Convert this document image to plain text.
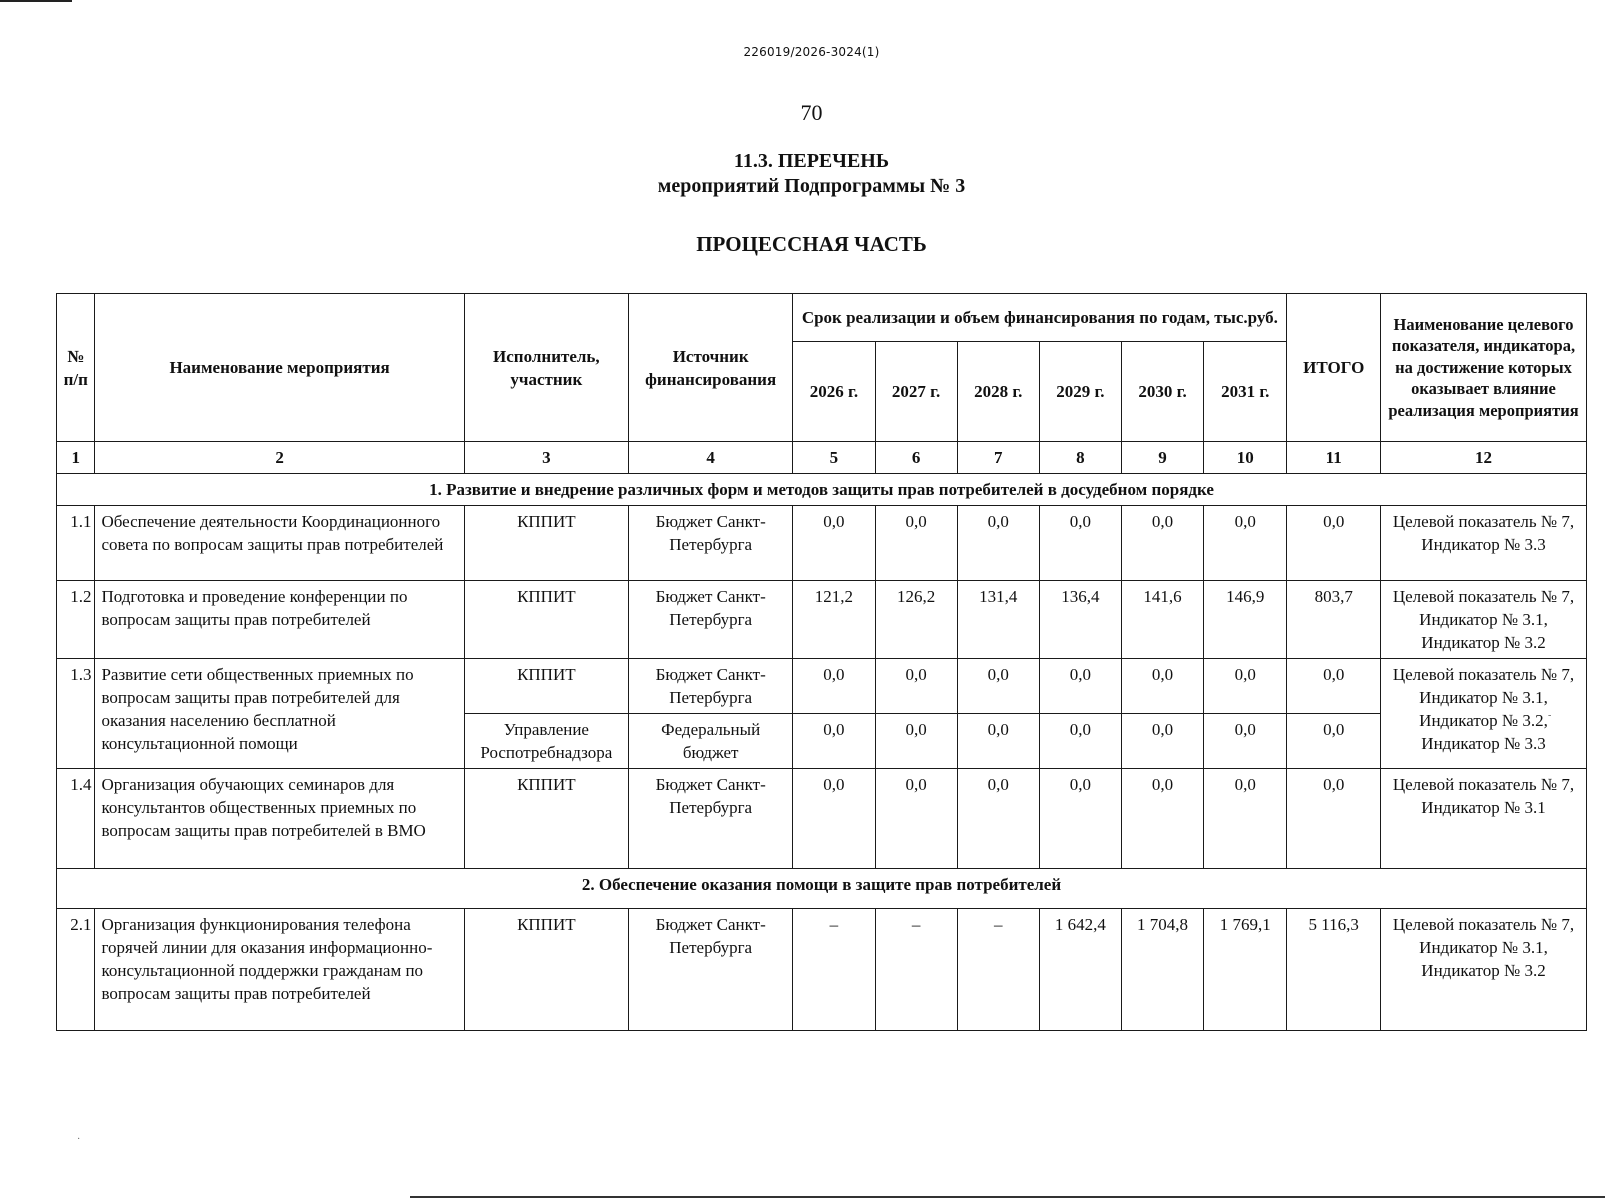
·
-
226019/2026-3024(1)
70
11.3. ПЕРЕЧЕНЬ
мероприятий Подпрограммы № 3
ПРОЦЕССНАЯ ЧАСТЬ
№ п/п	Наименование мероприятия	Исполнитель, участник	Источник финансирования	Срок реализации и объем финансирования по годам, тыс.руб.						ИТОГО	Наименование целевого показателя, индикатора, на достижение которых оказывает влияние реализация мероприятия
				2026 г.	2027 г.	2028 г.	2029 г.	2030 г.	2031 г.		
1	2	3	4	5	6	7	8	9	10	11	12
1. Развитие и внедрение различных форм и методов защиты прав потребителей в досудебном порядке											
1.1	Обеспечение деятельности Координационного совета по вопросам защиты прав потребителей	КППИТ	Бюджет Санкт-Петербурга	0,0	0,0	0,0	0,0	0,0	0,0	0,0	Целевой показатель № 7, Индикатор № 3.3
1.2	Подготовка и проведение конференции по вопросам защиты прав потребителей	КППИТ	Бюджет Санкт-Петербурга	121,2	126,2	131,4	136,4	141,6	146,9	803,7	Целевой показатель № 7, Индикатор № 3.1, Индикатор № 3.2
1.3	Развитие сети общественных приемных по вопросам защиты прав потребителей для оказания населению бесплатной консультационной помощи	КППИТ	Бюджет Санкт-Петербурга	0,0	0,0	0,0	0,0	0,0	0,0	0,0	Целевой показатель № 7, Индикатор № 3.1, Индикатор № 3.2, Индикатор № 3.3
		Управление Роспотребнадзора	Федеральный бюджет	0,0	0,0	0,0	0,0	0,0	0,0	0,0	
1.4	Организация обучающих семинаров для консультантов общественных приемных по вопросам защиты прав потребителей в ВМО	КППИТ	Бюджет Санкт-Петербурга	0,0	0,0	0,0	0,0	0,0	0,0	0,0	Целевой показатель № 7, Индикатор № 3.1
2. Обеспечение оказания помощи в защите прав потребителей											
2.1	Организация функционирования телефона горячей линии для оказания информационно-консультационной поддержки гражданам по вопросам защиты прав потребителей	КППИТ	Бюджет Санкт-Петербурга	–	–	–	1 642,4	1 704,8	1 769,1	5 116,3	Целевой показатель № 7, Индикатор № 3.1, Индикатор № 3.2
